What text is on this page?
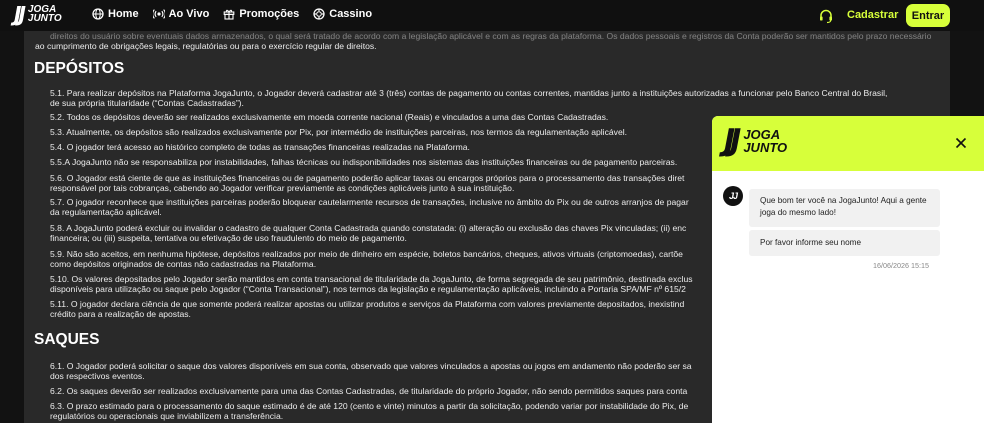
JJ JOGA
JUNTO	Home	Ao Vivo	Promoções	Cassino	Cadastrar	Entrar
direitos do usuário sobre eventuais dados armazenados, o qual será tratado de acordo com a legislação aplicável e com as regras da plataforma. Os dados pessoais e registros da Conta poderão ser mantidos pelo prazo necessário
ao cumprimento de obrigações legais, regulatórias ou para o exercício regular de direitos.
DEPÓSITOS
5.1. Para realizar depósitos na Plataforma JogaJunto, o Jogador deverá cadastrar até 3 (três) contas de pagamento ou contas correntes, mantidas junto a instituições autorizadas a funcionar pelo Banco Central do Brasil,
de sua própria titularidade (“Contas Cadastradas”).
5.2. Todos os depósitos deverão ser realizados exclusivamente em moeda corrente nacional (Reais) e vinculados a uma das Contas Cadastradas.
5.3. Atualmente, os depósitos são realizados exclusivamente por Pix, por intermédio de instituições parceiras, nos termos da regulamentação aplicável.
5.4. O jogador terá acesso ao histórico completo de todas as transações financeiras realizadas na Plataforma.
5.5.A JogaJunto não se responsabiliza por instabilidades, falhas técnicas ou indisponibilidades nos sistemas das instituições financeiras ou de pagamento parceiras.
5.6. O Jogador está ciente de que as instituições financeiras ou de pagamento poderão aplicar taxas ou encargos próprios para o processamento das transações diret
responsável por tais cobranças, cabendo ao Jogador verificar previamente as condições aplicáveis junto à sua instituição.
5.7. O jogador reconhece que instituições parceiras poderão bloquear cautelarmente recursos de transações, inclusive no âmbito do Pix ou de outros arranjos de pagar
da regulamentação aplicável.
5.8. A JogaJunto poderá excluir ou invalidar o cadastro de qualquer Conta Cadastrada quando constatada: (i) alteração ou exclusão das chaves Pix vinculadas; (ii) enc
financeira; ou (iii) suspeita, tentativa ou efetivação de uso fraudulento do meio de pagamento.
5.9. Não são aceitos, em nenhuma hipótese, depósitos realizados por meio de dinheiro em espécie, boletos bancários, cheques, ativos virtuais (criptomoedas), cartõe
como depósitos originados de contas não cadastradas na Plataforma.
5.10. Os valores depositados pelo Jogador serão mantidos em conta transacional de titularidade da JogaJunto, de forma segregada de seu patrimônio, destinada exclus
disponíveis para utilização ou saque pelo Jogador (“Conta Transacional”), nos termos da legislação e regulamentação aplicáveis, incluindo a Portaria SPA/MF nº 615/2
5.11. O jogador declara ciência de que somente poderá realizar apostas ou utilizar produtos e serviços da Plataforma com valores previamente depositados, inexistind
crédito para a realização de apostas.
SAQUES
6.1. O Jogador poderá solicitar o saque dos valores disponíveis em sua conta, observado que valores vinculados a apostas ou jogos em andamento não poderão ser sa
dos respectivos eventos.
6.2. Os saques deverão ser realizados exclusivamente para uma das Contas Cadastradas, de titularidade do próprio Jogador, não sendo permitidos saques para conta
6.3. O prazo estimado para o processamento do saque estimado é de até 120 (cento e vinte) minutos a partir da solicitação, podendo variar por instabilidade do Pix, de
regulatórios ou operacionais que inviabilizem a transferência.
JJ JOGA
JUNTO
JJ	Que bom ter você na JogaJunto! Aqui a gente joga do mesmo lado!
Por favor informe seu nome
16/06/2026 15:15
